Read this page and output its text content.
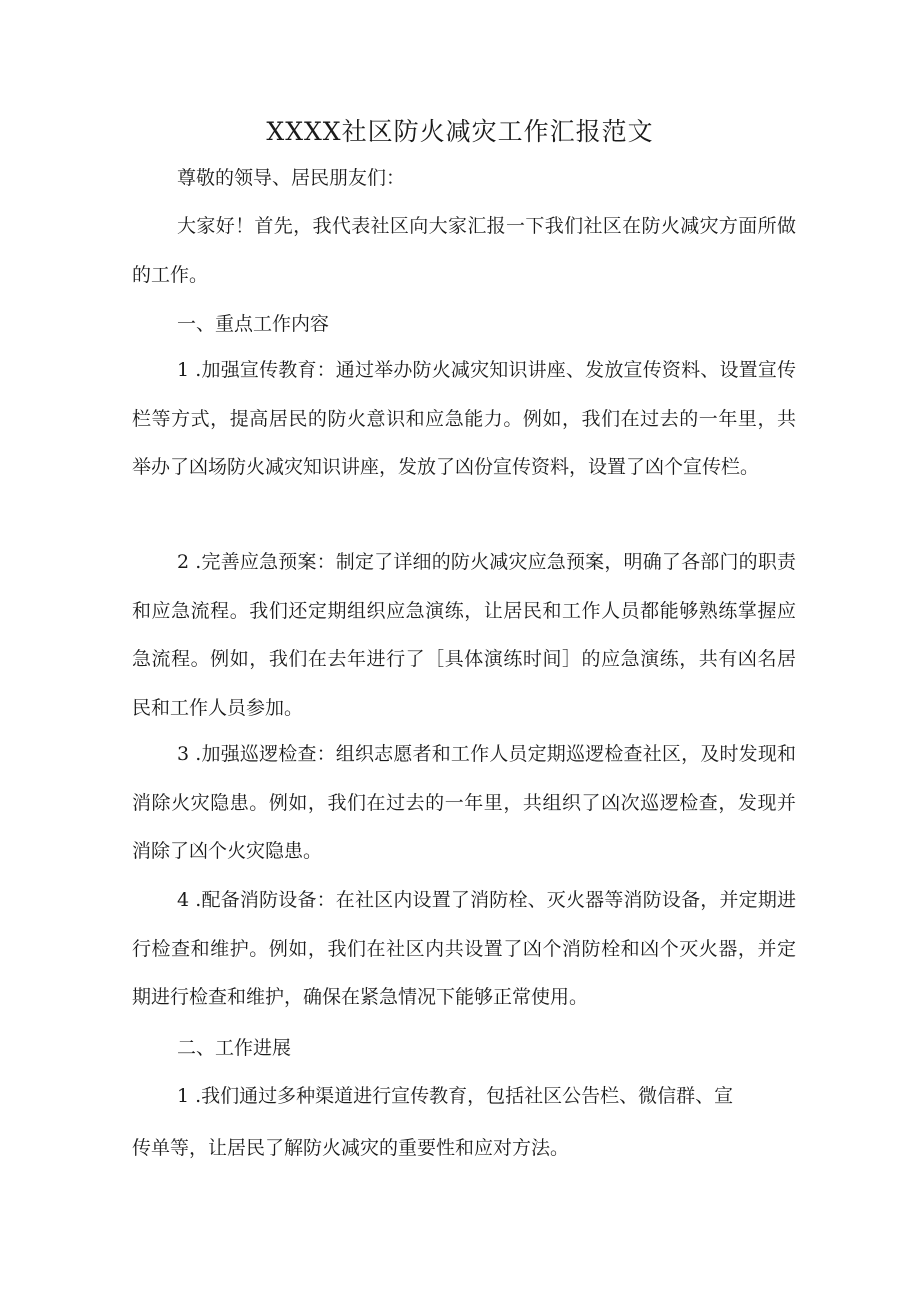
XXXX社区防火减灾工作汇报范文
尊敬的领导、居民朋友们：
大家好！首先，我代表社区向大家汇报一下我们社区在防火减灾方面所做的工作。
一、重点工作内容
1 .加强宣传教育：通过举办防火减灾知识讲座、发放宣传资料、设置宣传栏等方式，提高居民的防火意识和应急能力。例如，我们在过去的一年里，共举办了凶场防火减灾知识讲座，发放了凶份宣传资料，设置了凶个宣传栏。
2 .完善应急预案：制定了详细的防火减灾应急预案，明确了各部门的职责和应急流程。我们还定期组织应急演练，让居民和工作人员都能够熟练掌握应急流程。例如，我们在去年进行了［具体演练时间］的应急演练，共有凶名居民和工作人员参加。
3 .加强巡逻检查：组织志愿者和工作人员定期巡逻检查社区，及时发现和消除火灾隐患。例如，我们在过去的一年里，共组织了凶次巡逻检查，发现并消除了凶个火灾隐患。
4 .配备消防设备：在社区内设置了消防栓、灭火器等消防设备，并定期进行检查和维护。例如，我们在社区内共设置了凶个消防栓和凶个灭火器，并定期进行检查和维护，确保在紧急情况下能够正常使用。
二、工作进展
1 .我们通过多种渠道进行宣传教育，包括社区公告栏、微信群、宣
传单等，让居民了解防火减灾的重要性和应对方法。
